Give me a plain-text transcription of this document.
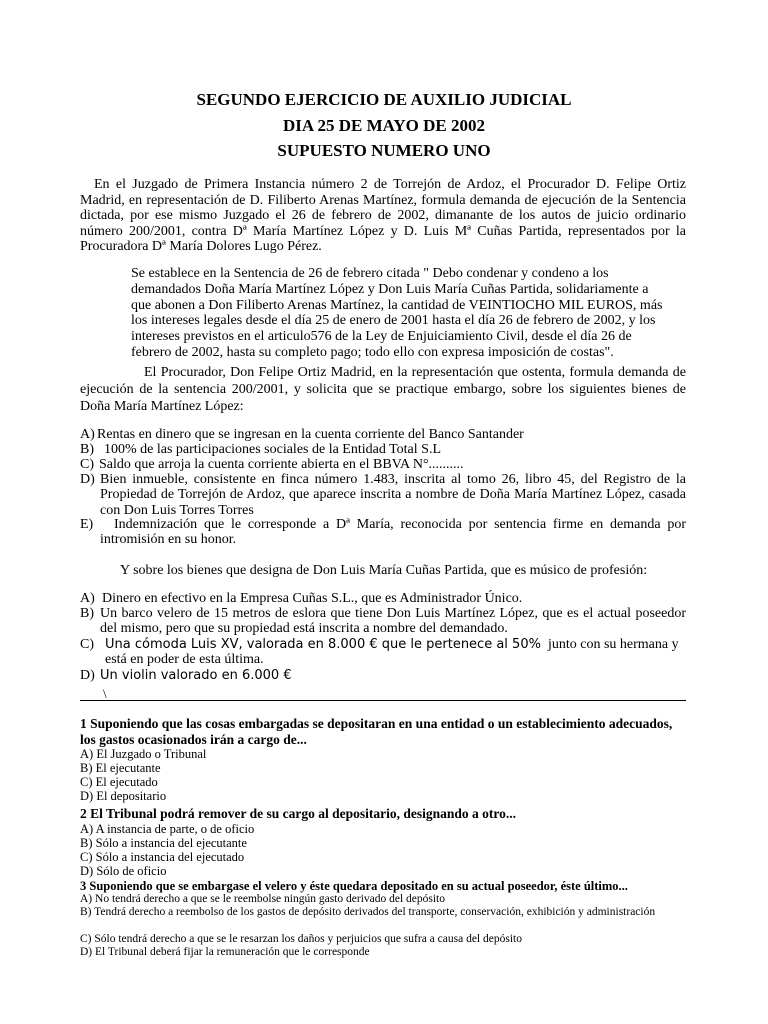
SEGUNDO EJERCICIO DE AUXILIO JUDICIAL
DIA 25 DE MAYO DE 2002
SUPUESTO NUMERO UNO
En el Juzgado de Primera Instancia número 2 de Torrejón de Ardoz, el Procurador D. Felipe Ortiz Madrid, en representación de D. Filiberto Arenas Martínez, formula demanda de ejecución de la Sentencia dictada, por ese mismo Juzgado el 26 de febrero de 2002, dimanante de los autos de juicio ordinario número 200/2001, contra Dª María Martínez López y D. Luis Mª Cuñas Partida, representados por la Procuradora Dª María Dolores Lugo Pérez.
Se establece en la Sentencia de 26 de febrero citada " Debo condenar y condeno a los demandados Doña María Martínez López y Don Luis María Cuñas Partida, solidariamente a que abonen a Don Filiberto Arenas Martínez, la cantidad de VEINTIOCHO MIL EUROS, más los intereses legales desde el día 25 de enero de 2001 hasta el día 26 de febrero de 2002, y los intereses previstos en el articulo576 de la Ley de Enjuiciamiento Civil, desde el día 26 de febrero de 2002, hasta su completo pago; todo ello con expresa imposición de costas".
El Procurador, Don Felipe Ortiz Madrid, en la representación que ostenta, formula demanda de ejecución de la sentencia 200/2001, y solicita que se practique embargo, sobre los siguientes bienes de Doña María Martínez López:
A) Rentas en dinero que se ingresan en la cuenta corriente del Banco Santander
B) 100% de las participaciones sociales de la Entidad Total S.L
C) Saldo que arroja la cuenta corriente abierta en el BBVA N°..........
D) Bien inmueble, consistente en finca número 1.483, inscrita al tomo 26, libro 45, del Registro de la Propiedad de Torrejón de Ardoz, que aparece inscrita a nombre de Doña María Martínez López, casada con Don Luis Torres Torres
E)	Indemnización que le corresponde a Dª María, reconocida por sentencia firme en demanda por intromisión en su honor.
Y sobre los bienes que designa de Don Luis María Cuñas Partida, que es músico de profesión:
A) Dinero en efectivo en la Empresa Cuñas S.L., que es Administrador Único.
B) Un barco velero de 15 metros de eslora que tiene Don Luis Martínez López, que es el actual poseedor del mismo, pero que su propiedad está inscrita a nombre del demandado.
C) Una cómoda Luis XV, valorada en 8.000 € que le pertenece al 50% junto con su hermana y está en poder de esta última.
D) Un violin valorado en 6.000 €
\
1 Suponiendo que las cosas embargadas se depositaran en una entidad o un establecimiento adecuados, los gastos ocasionados irán a cargo de...
A) El Juzgado o Tribunal
B) El ejecutante
C) El ejecutado
D) El depositario
2 El Tribunal podrá remover de su cargo al depositario, designando a otro...
A) A instancia de parte, o de oficio
B) Sólo a instancia del ejecutante
C) Sólo a instancia del ejecutado
D) Sólo de oficio
3 Suponiendo que se embargase el velero y éste quedara depositado en su actual poseedor, éste último...
A) No tendrá derecho a que se le reembolse ningún gasto derivado del depósito
B) Tendrá derecho a reembolso de los gastos de depósito derivados del transporte, conservación, exhibición y administración
C) Sólo tendrá derecho a que se le resarzan los daños y perjuicios que sufra a causa del depósito
D) El Tribunal deberá fijar la remuneración que le corresponde
